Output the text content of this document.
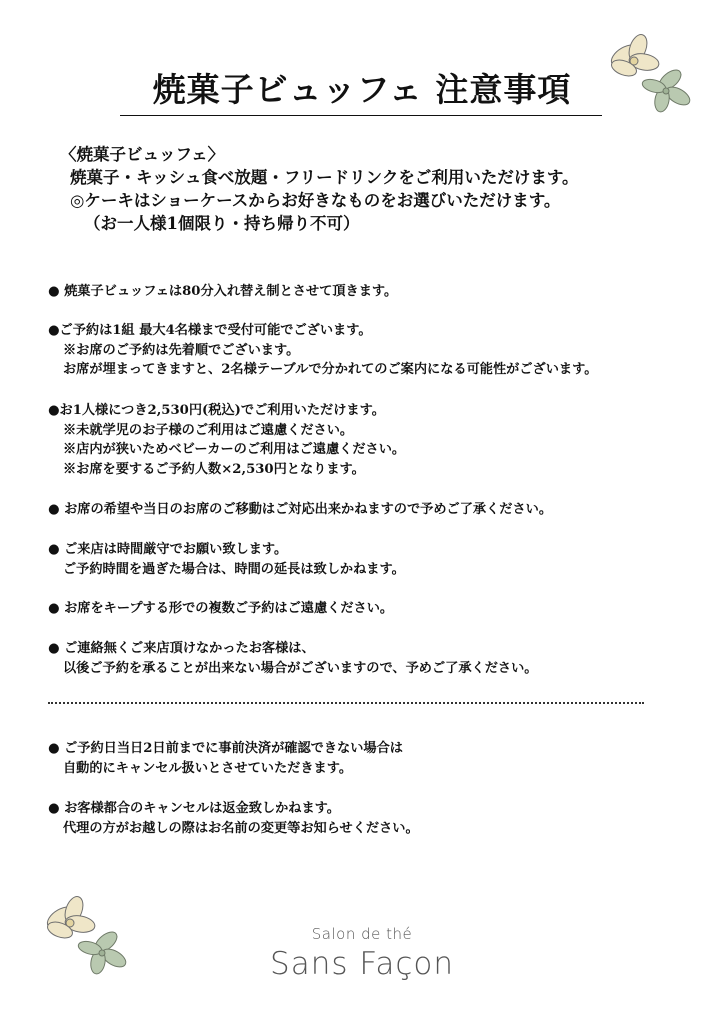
焼菓子ビュッフェ 注意事項
〈焼菓子ビュッフェ〉
焼菓子・キッシュ食べ放題・フリードリンクをご利用いただけます。
◎ケーキはショーケースからお好きなものをお選びいただけます。
（お一人様1個限り・持ち帰り不可）
● 焼菓子ビュッフェは80分入れ替え制とさせて頂きます。
●ご予約は1組 最大4名様まで受付可能でございます。
※お席のご予約は先着順でございます。
お席が埋まってきますと、2名様テーブルで分かれてのご案内になる可能性がございます。
●お1人様につき2,530円(税込)でご利用いただけます。
※未就学児のお子様のご利用はご遠慮ください。
※店内が狭いためベビーカーのご利用はご遠慮ください。
※お席を要するご予約人数×2,530円となります。
● お席の希望や当日のお席のご移動はご対応出来かねますので予めご了承ください。
● ご来店は時間厳守でお願い致します。
ご予約時間を過ぎた場合は、時間の延長は致しかねます。
● お席をキープする形での複数ご予約はご遠慮ください。
● ご連絡無くご来店頂けなかったお客様は、
以後ご予約を承ることが出来ない場合がございますので、予めご了承ください。
● ご予約日当日2日前までに事前決済が確認できない場合は
自動的にキャンセル扱いとさせていただきます。
● お客様都合のキャンセルは返金致しかねます。
代理の方がお越しの際はお名前の変更等お知らせください。
Salon de thé
Sans Façon
